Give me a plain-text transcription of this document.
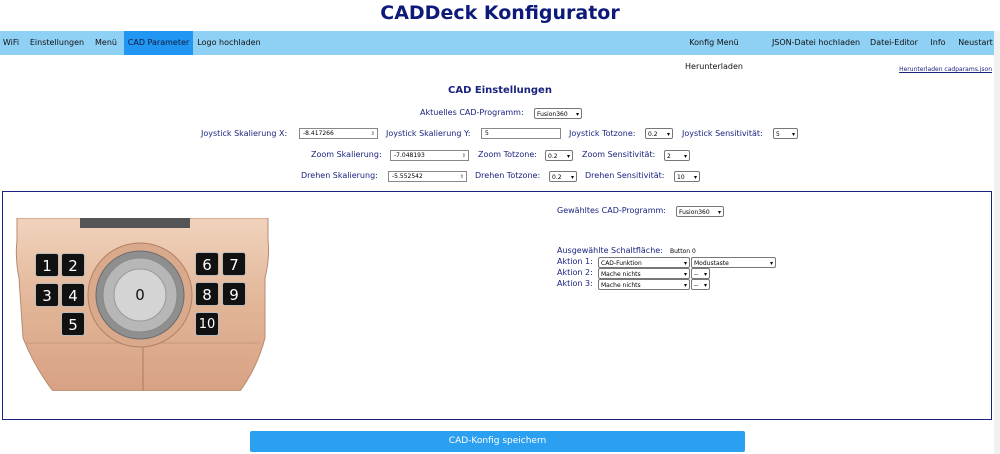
CADDeck Konfigurator
WiFi	Einstellungen	Menü	CAD Parameter	Logo hochladen	Konfig Menü Herunterladen
JSON-Datei hochladen	Datei-Editor	Info	Neustart
Herunterladen cadparams.json
CAD Einstellungen
Aktuelles CAD-Programm:	Fusion360 ▾
Joystick Skalierung X:	-8.417266	⇕ Joystick Skalierung Y:	5	Joystick Totzone:	0.2 ▾ Joystick Sensitivität:	5 ▾
Zoom Skalierung:	-7.048193	⇕ Zoom Totzone:	0.2 ▾ Zoom Sensitivität:	2 ▾
Drehen Skalierung:	-5.552542	⇕ Drehen Totzone:	0.2 ▾ Drehen Sensitivität:	10 ▾
0
1	2
3	4
5
6	7
8	9
10
Gewähltes CAD-Programm:	Fusion360 ▾
Ausgewählte Schaltfläche: Button 0
Aktion 1:	CAD-Funktion	▾	Modustaste	▾
Aktion 2:	Mache nichts	▾	-- ▾
Aktion 3:	Mache nichts	▾	-- ▾
CAD-Konfig speichern
